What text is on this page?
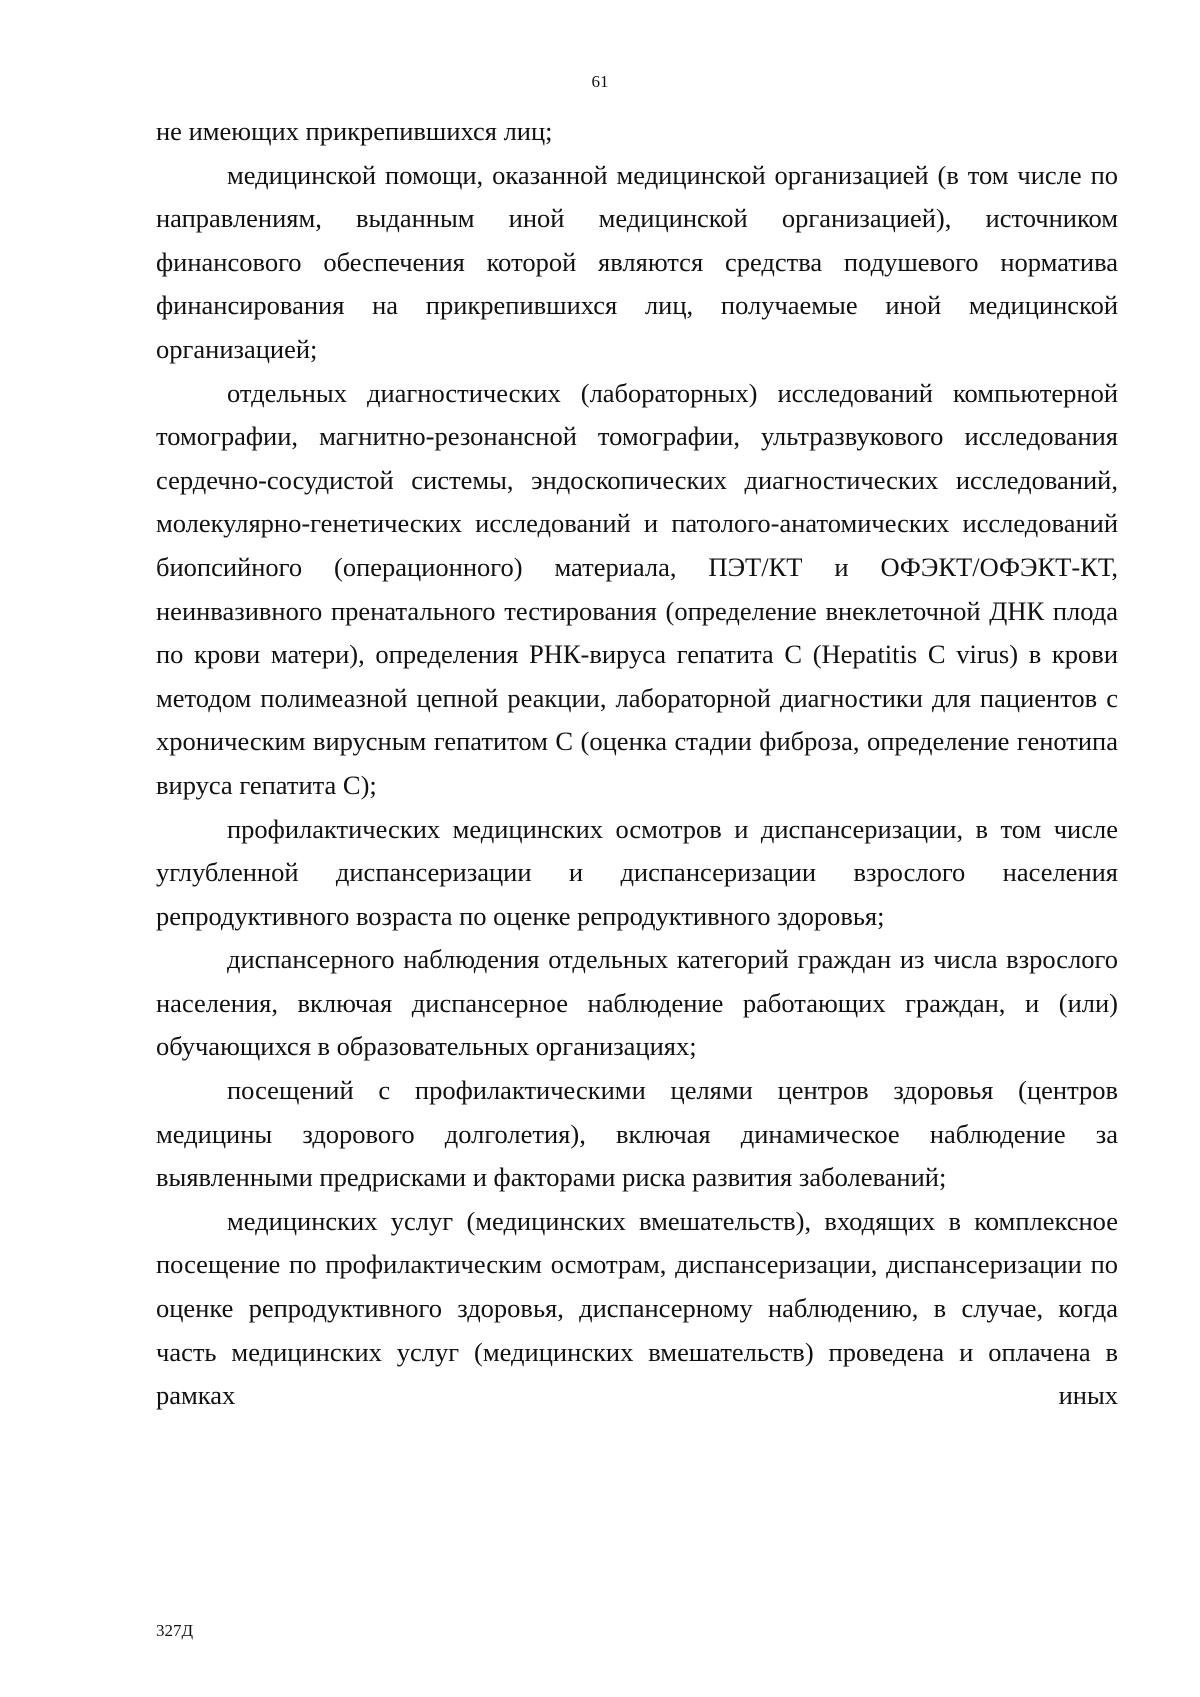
61

не имеющих прикрепившихся лиц;

медицинской помощи, оказанной медицинской организацией (в том числе по направлениям, выданным иной медицинской организацией), источником финансового обеспечения которой являются средства подушевого норматива финансирования на прикрепившихся лиц, получаемые иной медицинской организацией;

отдельных диагностических (лабораторных) исследований компьютерной томографии, магнитно-резонансной томографии, ультразвукового исследования сердечно-сосудистой системы, эндоскопических диагностических исследований, молекулярно-генетических исследований и патолого-анатомических исследований биопсийного (операционного) материала, ПЭТ/КТ и ОФЭКТ/ОФЭКТ-КТ, неинвазивного пренатального тестирования (определение внеклеточной ДНК плода по крови матери), определения РНК-вируса гепатита С (Hepatitis C virus) в крови методом полимеазной цепной реакции, лабораторной диагностики для пациентов с хроническим вирусным гепатитом С (оценка стадии фиброза, определение генотипа вируса гепатита С);

профилактических медицинских осмотров и диспансеризации, в том числе углубленной диспансеризации и диспансеризации взрослого населения репродуктивного возраста по оценке репродуктивного здоровья;

диспансерного наблюдения отдельных категорий граждан из числа взрослого населения, включая диспансерное наблюдение работающих граждан, и (или) обучающихся в образовательных организациях;

посещений с профилактическими целями центров здоровья (центров медицины здорового долголетия), включая динамическое наблюдение за выявленными предрисками и факторами риска развития заболеваний;

медицинских услуг (медицинских вмешательств), входящих в комплексное посещение по профилактическим осмотрам, диспансеризации, диспансеризации по оценке репродуктивного здоровья, диспансерному наблюдению, в случае, когда часть медицинских услуг (медицинских вмешательств) проведена и оплачена в рамках иных

327Д
